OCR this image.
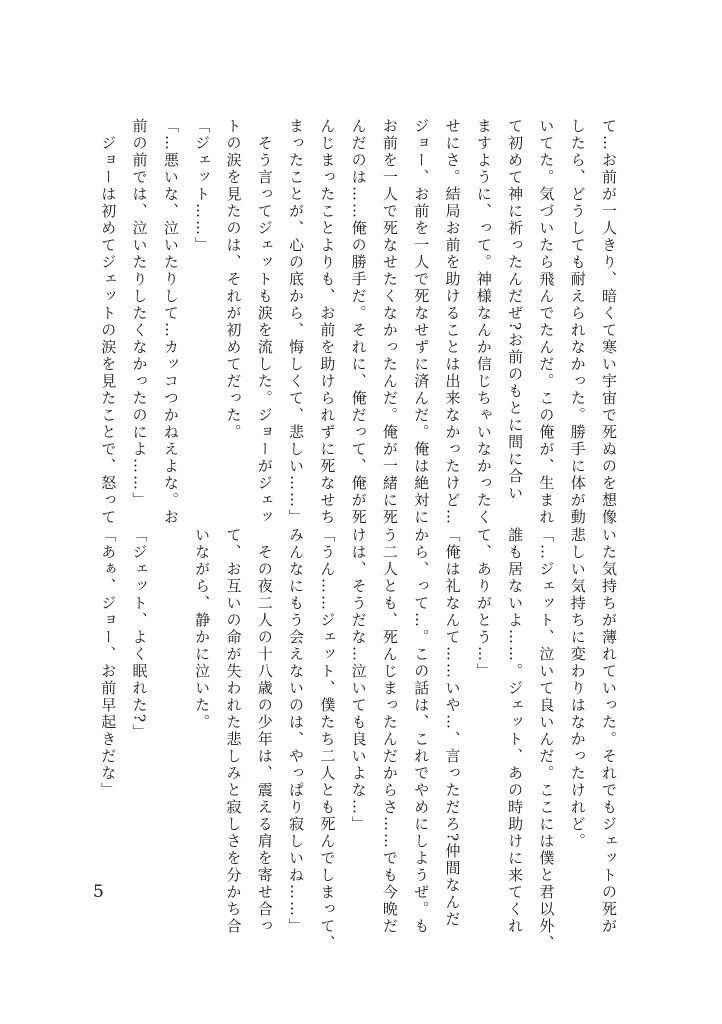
て…お前が一人きり、暗くて寒い宇宙で死ぬのを想像

したら、どうしても耐えられなかった。勝手に体が動

いてた。気づいたら飛んでたんだ。この俺が、生まれ

て初めて神に祈ったんだぜ?お前のもとに間に合い

ますように、って。神様なんか信じちゃいなかったく

せにさ。結局お前を助けることは出来なかったけど…

ジョー、お前を一人で死なせずに済んだ。俺は絶対に

お前を一人で死なせたくなかったんだ。俺が一緒に死

んだのは……俺の勝手だ。それに、俺だって、俺が死

んじまったことよりも、お前を助けられずに死なせち

まったことが、心の底から、悔しくて、悲しい……」

　そう言ってジェットも涙を流した。ジョーがジェッ

トの涙を見たのは、それが初めてだった。

「ジェット……」

「…悪いな、泣いたりして…カッコつかねえよな。お

前の前では、泣いたりしたくなかったのによ……」

　ジョーは初めてジェットの涙を見たことで、怒って

いた気持ちが薄れていった。それでもジェットの死が

悲しい気持ちに変わりはなかったけれど。

「…ジェット、泣いて良いんだ。ここには僕と君以外、

誰も居ないよ……。ジェット、あの時助けに来てくれ

て、ありがとう…」

「俺は礼なんて……いや…、言っただろ?仲間なんだ

から、って…。この話は、これでやめにしようぜ。も

う二人とも、死んじまったんだからさ……でも今晩だ

けは、そうだな…泣いても良いよな…」

「うん……ジェット、僕たち二人とも死んでしまって、

みんなにもう会えないのは、やっぱり寂しいね……」

　その夜二人の十八歳の少年は、震える肩を寄せ合っ

て、お互いの命が失われた悲しみと寂しさを分かち合

いながら、静かに泣いた。

「ジェット、よく眠れた?」

「あぁ、ジョー、お前早起きだな」

5
